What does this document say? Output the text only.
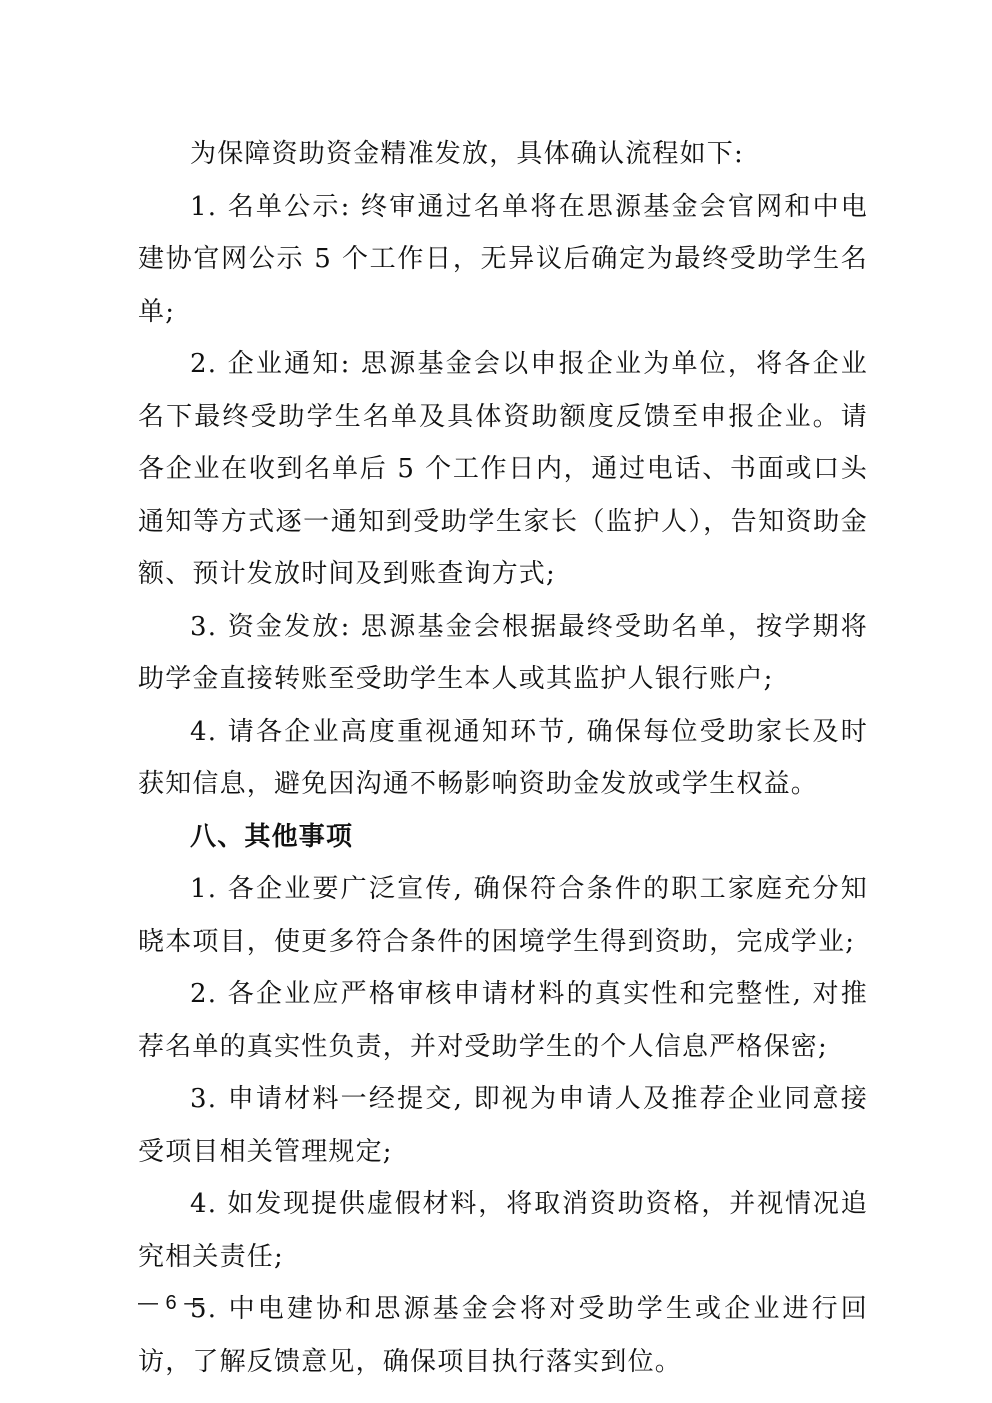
为保障资助资金精准发放，具体确认流程如下:

1. 名单公示: 终审通过名单将在思源基金会官网和中电建协官网公示 5 个工作日，无异议后确定为最终受助学生名单;

2. 企业通知: 思源基金会以申报企业为单位，将各企业名下最终受助学生名单及具体资助额度反馈至申报企业。请各企业在收到名单后 5 个工作日内，通过电话、书面或口头通知等方式逐一通知到受助学生家长（监护人），告知资助金额、预计发放时间及到账查询方式;

3. 资金发放: 思源基金会根据最终受助名单，按学期将助学金直接转账至受助学生本人或其监护人银行账户;

4. 请各企业高度重视通知环节, 确保每位受助家长及时获知信息，避免因沟通不畅影响资助金发放或学生权益。

八、其他事项

1. 各企业要广泛宣传, 确保符合条件的职工家庭充分知晓本项目，使更多符合条件的困境学生得到资助，完成学业;

2. 各企业应严格审核申请材料的真实性和完整性, 对推荐名单的真实性负责，并对受助学生的个人信息严格保密;

3. 申请材料一经提交, 即视为申请人及推荐企业同意接受项目相关管理规定;

4. 如发现提供虚假材料，将取消资助资格，并视情况追究相关责任;

5. 中电建协和思源基金会将对受助学生或企业进行回访，了解反馈意见，确保项目执行落实到位。

— 6 —
